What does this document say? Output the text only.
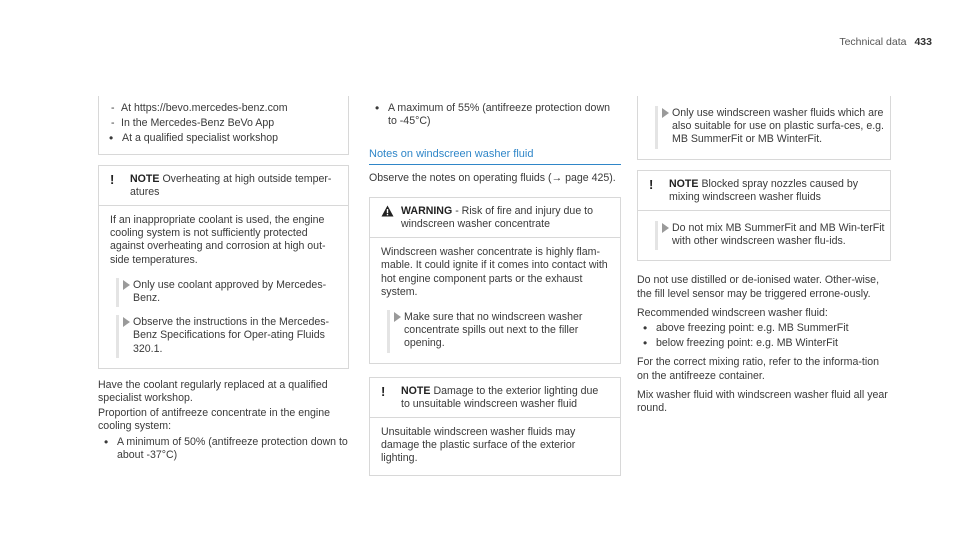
Technical data 433
- At https://bevo.mercedes-benz.com
- In the Mercedes-Benz BeVo App
• At a qualified specialist workshop
!	NOTE Overheating at high outside temper-atures

If an inappropriate coolant is used, the engine cooling system is not sufficiently protected against overheating and corrosion at high out-side temperatures.

Only use coolant approved by Mercedes-Benz.
Observe the instructions in the Mercedes-Benz Specifications for Oper-ating Fluids 320.1.

Have the coolant regularly replaced at a qualified specialist workshop.

Proportion of antifreeze concentrate in the engine cooling system:

• A minimum of 50% (antifreeze protection down to about -37°C)
• A maximum of 55% (antifreeze protection down to -45°C)
Notes on windscreen washer fluid

Observe the notes on operating fluids (→ page 425).

WARNING - Risk of fire and injury due to windscreen washer concentrate

Windscreen washer concentrate is highly flam-mable. It could ignite if it comes into contact with hot engine component parts or the exhaust system.

Make sure that no windscreen washer concentrate spills out next to the filler opening.
!	NOTE Damage to the exterior lighting due to unsuitable windscreen washer fluid

Unsuitable windscreen washer fluids may damage the plastic surface of the exterior lighting.

Only use windscreen washer fluids which are also suitable for use on plastic surfa-ces, e.g. MB SummerFit or MB WinterFit.
!	NOTE Blocked spray nozzles caused by mixing windscreen washer fluids
Do not mix MB SummerFit and MB Win-terFit with other windscreen washer flu-ids.

Do not use distilled or de-ionised water. Other-wise, the fill level sensor may be triggered errone-ously.

Recommended windscreen washer fluid:

• above freezing point: e.g. MB SummerFit
• below freezing point: e.g. MB WinterFit

For the correct mixing ratio, refer to the informa-tion on the antifreeze container.

Mix washer fluid with windscreen washer fluid all year round.
